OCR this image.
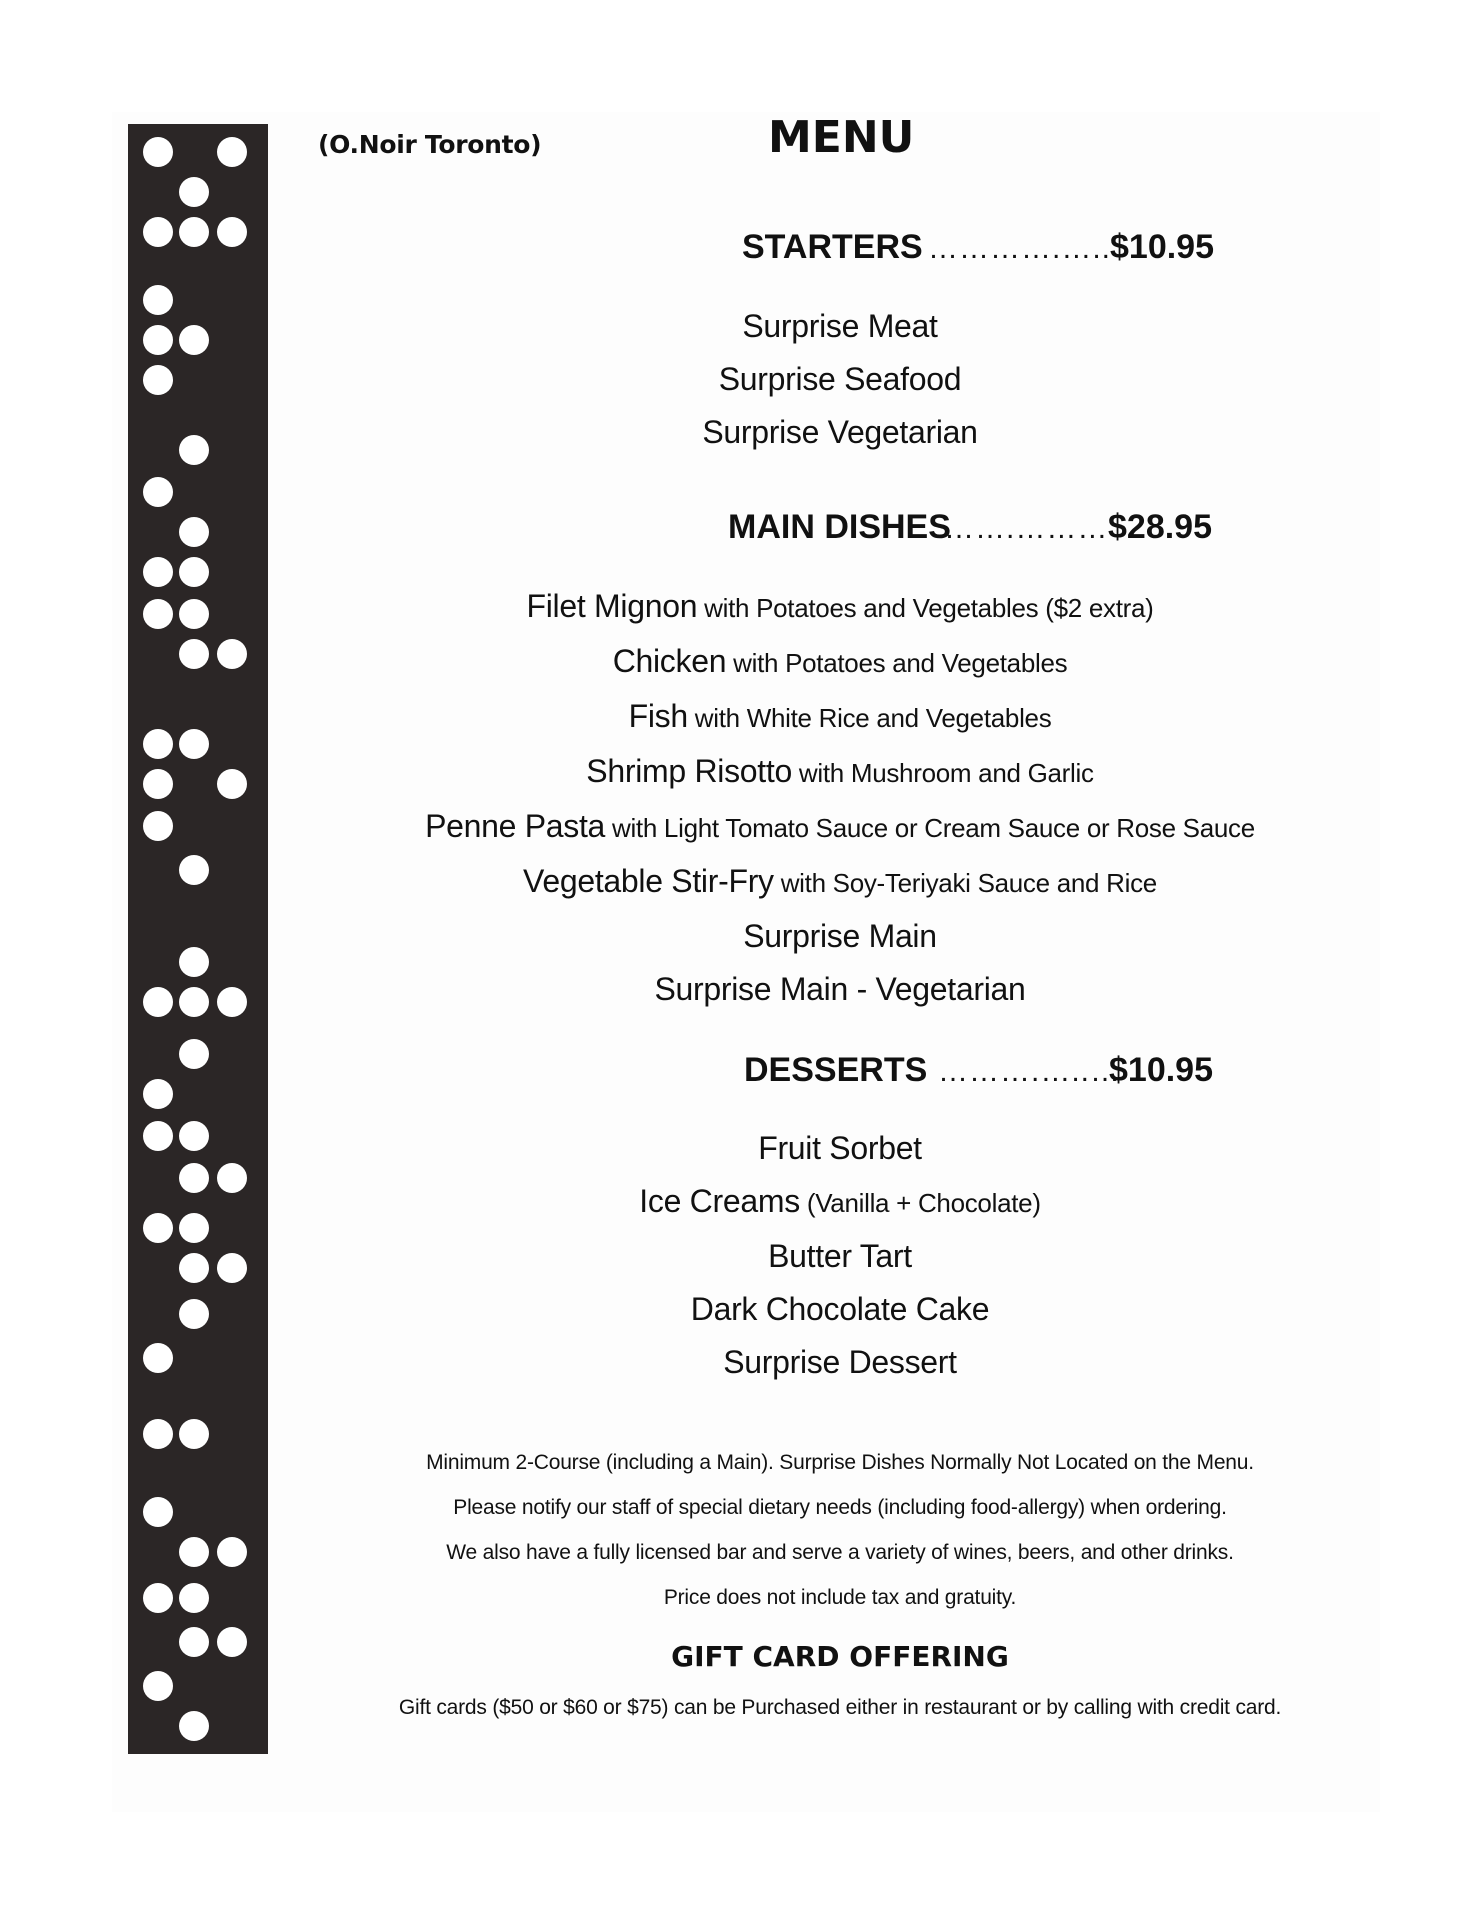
(O.Noir Toronto)	MENU
STARTERS ………….…..
$10.95
Surprise Meat
Surprise Seafood
Surprise Vegetarian
MAIN DISHES
…….……… $28.95
Filet Mignon with Potatoes and Vegetables ($2 extra)
Chicken with Potatoes and Vegetables
Fish with White Rice and Vegetables
Shrimp Risotto with Mushroom and Garlic
Penne Pasta with Light Tomato Sauce or Cream Sauce or Rose Sauce
Vegetable Stir-Fry with Soy-Teriyaki Sauce and Rice
Surprise Main
Surprise Main - Vegetarian
DESSERTS ……….…..…
$10.95
Fruit Sorbet
Ice Creams (Vanilla + Chocolate)
Butter Tart
Dark Chocolate Cake
Surprise Dessert
Minimum 2-Course (including a Main). Surprise Dishes Normally Not Located on the Menu.
Please notify our staff of special dietary needs (including food-allergy) when ordering.
We also have a fully licensed bar and serve a variety of wines, beers, and other drinks.
Price does not include tax and gratuity.
GIFT CARD OFFERING
Gift cards ($50 or $60 or $75) can be Purchased either in restaurant or by calling with credit card.
